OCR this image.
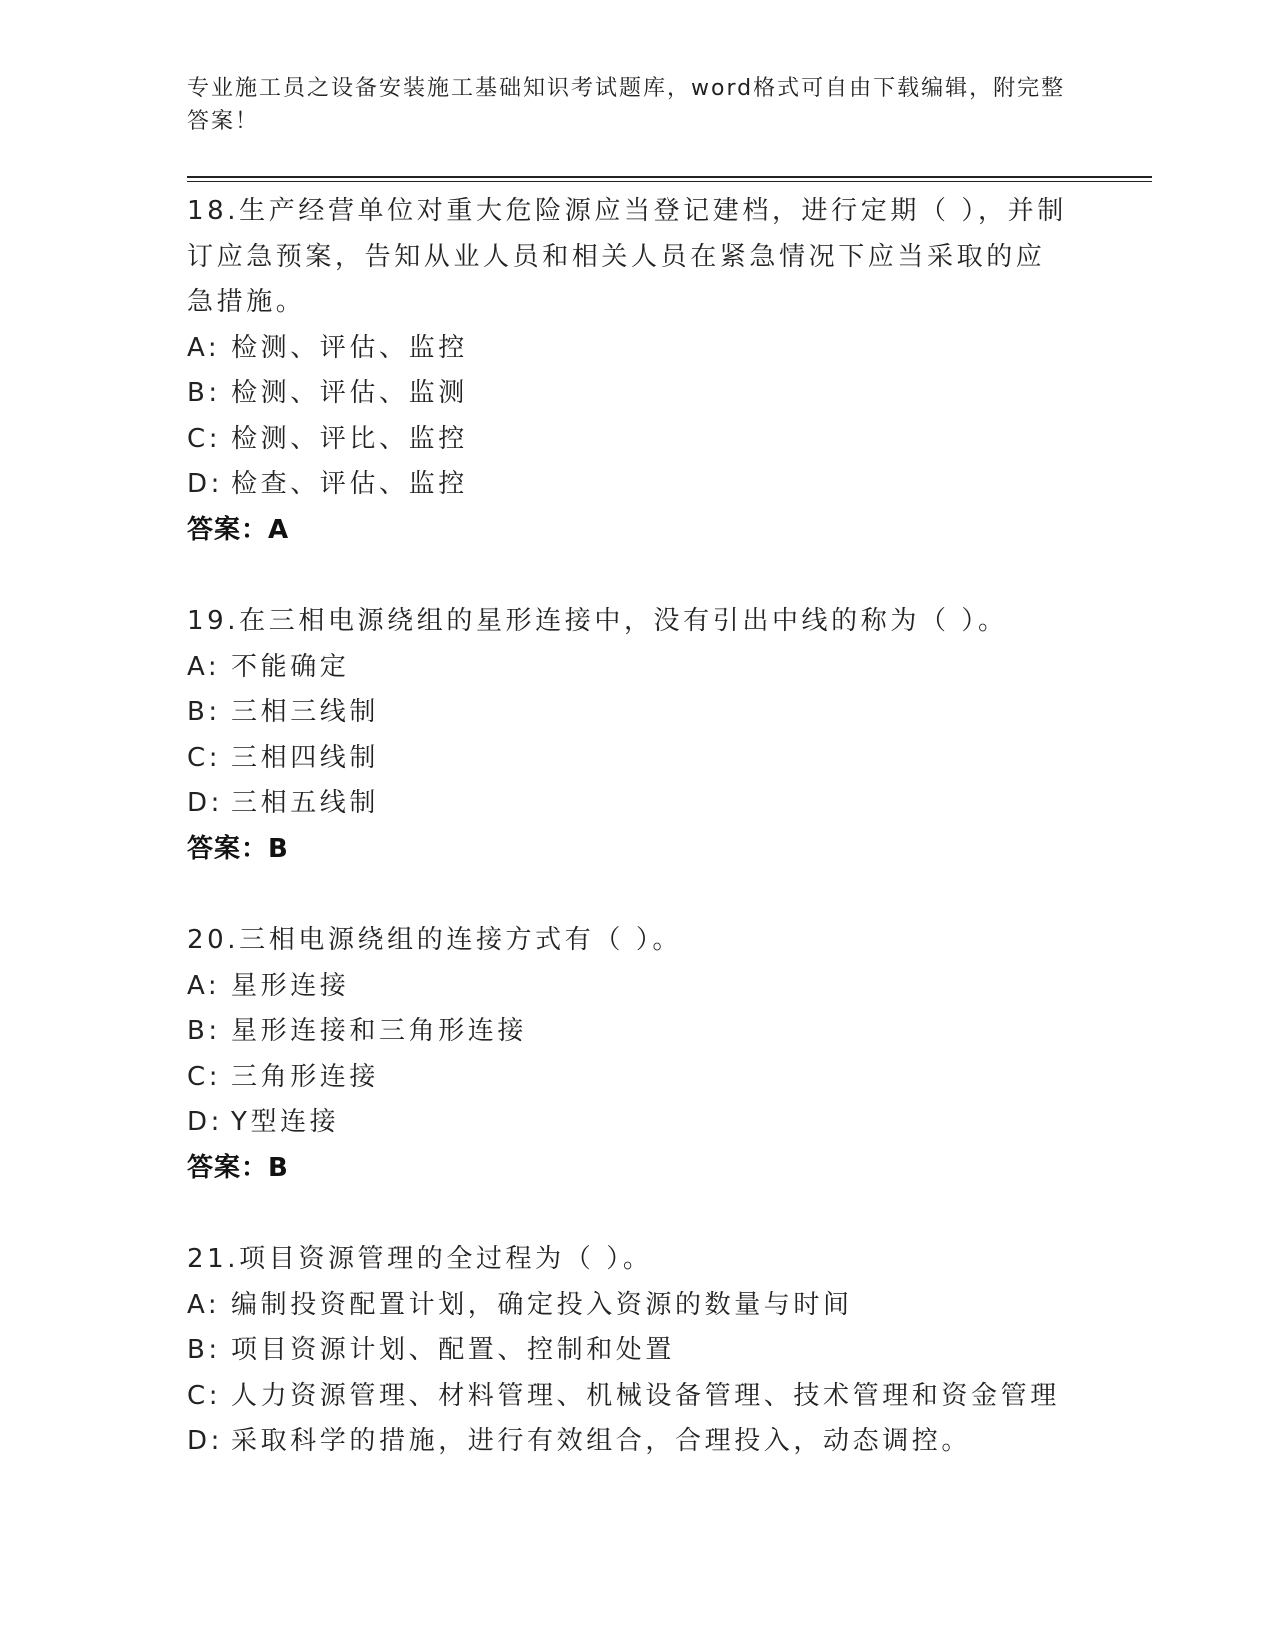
专业施工员之设备安装施工基础知识考试题库，word格式可自由下载编辑，附完整答案！
18.生产经营单位对重大危险源应当登记建档，进行定期（ ），并制订应急预案，告知从业人员和相关人员在紧急情况下应当采取的应急措施。
A: 检测、评估、监控
B: 检测、评估、监测
C: 检测、评比、监控
D: 检查、评估、监控
答案：A
19.在三相电源绕组的星形连接中，没有引出中线的称为（ ）。
A: 不能确定
B: 三相三线制
C: 三相四线制
D: 三相五线制
答案：B
20.三相电源绕组的连接方式有（ ）。
A: 星形连接
B: 星形连接和三角形连接
C: 三角形连接
D: Y型连接
答案：B
21.项目资源管理的全过程为（ ）。
A: 编制投资配置计划，确定投入资源的数量与时间
B: 项目资源计划、配置、控制和处置
C: 人力资源管理、材料管理、机械设备管理、技术管理和资金管理
D: 采取科学的措施，进行有效组合，合理投入，动态调控。
